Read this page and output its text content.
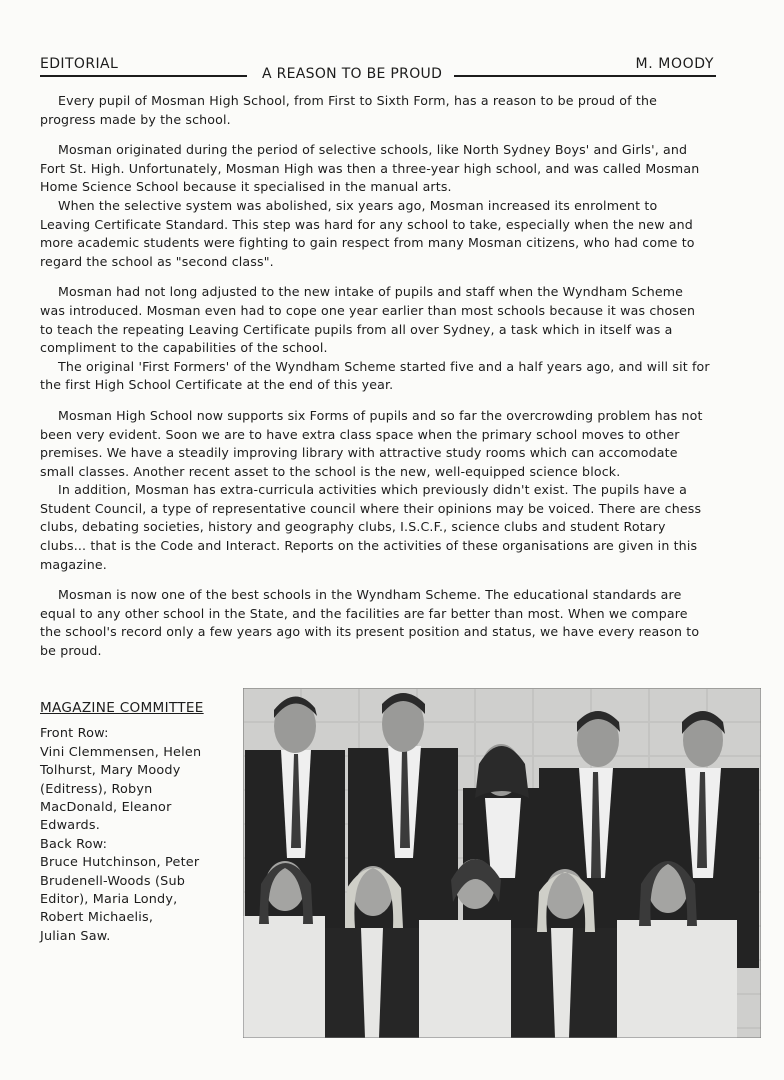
EDITORIAL
A REASON TO BE PROUD
M. MOODY

Every pupil of Mosman High School, from First to Sixth Form, has a reason to be proud of the progress made by the school.

Mosman originated during the period of selective schools, like North Sydney Boys' and Girls', and Fort St. High. Unfortunately, Mosman High was then a three-year high school, and was called Mosman Home Science School because it specialised in the manual arts.

When the selective system was abolished, six years ago, Mosman increased its enrolment to Leaving Certificate Standard. This step was hard for any school to take, especially when the new and more academic students were fighting to gain respect from many Mosman citizens, who had come to regard the school as "second class".

Mosman had not long adjusted to the new intake of pupils and staff when the Wyndham Scheme was introduced. Mosman even had to cope one year earlier than most schools because it was chosen to teach the repeating Leaving Certificate pupils from all over Sydney, a task which in itself was a compliment to the capabilities of the school.

The original 'First Formers' of the Wyndham Scheme started five and a half years ago, and will sit for the first High School Certificate at the end of this year.

Mosman High School now supports six Forms of pupils and so far the overcrowding problem has not been very evident. Soon we are to have extra class space when the primary school moves to other premises. We have a steadily improving library with attractive study rooms which can accomodate small classes. Another recent asset to the school is the new, well-equipped science block.

In addition, Mosman has extra-curricula activities which previously didn't exist. The pupils have a Student Council, a type of representative council where their opinions may be voiced. There are chess clubs, debating societies, history and geography clubs, I.S.C.F., science clubs and student Rotary clubs... that is the Code and Interact. Reports on the activities of these organisations are given in this magazine.

Mosman is now one of the best schools in the Wyndham Scheme. The educational standards are equal to any other school in the State, and the facilities are far better than most. When we compare the school's record only a few years ago with its present position and status, we have every reason to be proud.

MAGAZINE COMMITTEE
Front Row:
Vini Clemmensen, Helen
Tolhurst, Mary Moody
(Editress), Robyn
MacDonald, Eleanor
Edwards.
Back Row:
Bruce Hutchinson, Peter
Brudenell-Woods (Sub
Editor), Maria Londy,
Robert Michaelis,
Julian Saw.
